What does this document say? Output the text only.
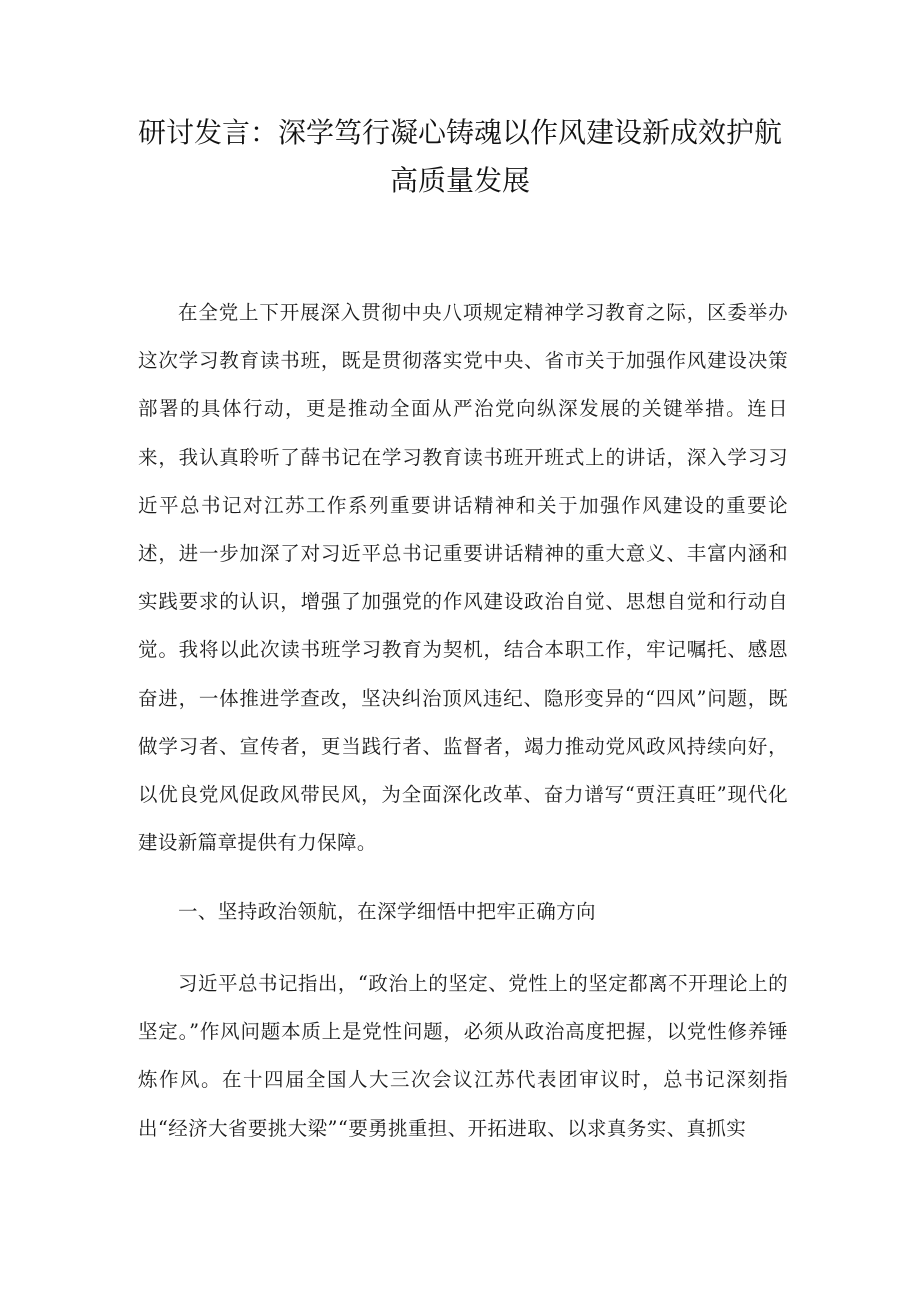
研讨发言：深学笃行凝心铸魂以作风建设新成效护航
高质量发展

在全党上下开展深入贯彻中央八项规定精神学习教育之际，区委举办这次学习教育读书班，既是贯彻落实党中央、省市关于加强作风建设决策部署的具体行动，更是推动全面从严治党向纵深发展的关键举措。连日来，我认真聆听了薛书记在学习教育读书班开班式上的讲话，深入学习习近平总书记对江苏工作系列重要讲话精神和关于加强作风建设的重要论述，进一步加深了对习近平总书记重要讲话精神的重大意义、丰富内涵和实践要求的认识，增强了加强党的作风建设政治自觉、思想自觉和行动自觉。我将以此次读书班学习教育为契机，结合本职工作，牢记嘱托、感恩奋进，一体推进学查改，坚决纠治顶风违纪、隐形变异的“四风”问题，既做学习者、宣传者，更当践行者、监督者，竭力推动党风政风持续向好，以优良党风促政风带民风，为全面深化改革、奋力谱写“贾汪真旺”现代化建设新篇章提供有力保障。

一、坚持政治领航，在深学细悟中把牢正确方向

习近平总书记指出，“政治上的坚定、党性上的坚定都离不开理论上的坚定。”作风问题本质上是党性问题，必须从政治高度把握，以党性修养锤炼作风。在十四届全国人大三次会议江苏代表团审议时，总书记深刻指出“经济大省要挑大梁”“要勇挑重担、开拓进取、以求真务实、真抓实
